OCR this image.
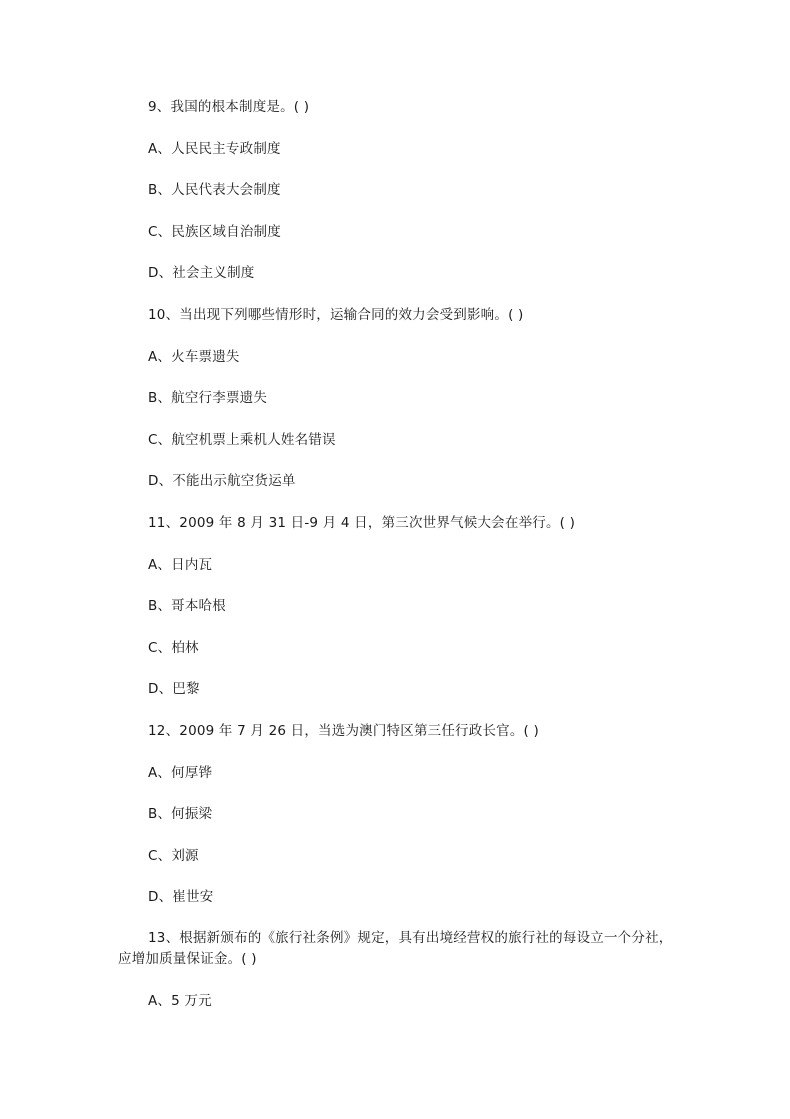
9、我国的根本制度是。( )
A、人民民主专政制度
B、人民代表大会制度
C、民族区域自治制度
D、社会主义制度
10、当出现下列哪些情形时，运输合同的效力会受到影响。( )
A、火车票遗失
B、航空行李票遗失
C、航空机票上乘机人姓名错误
D、不能出示航空货运单
11、2009 年 8 月 31 日-9 月 4 日，第三次世界气候大会在举行。( )
A、日内瓦
B、哥本哈根
C、柏林
D、巴黎
12、2009 年 7 月 26 日，当选为澳门特区第三任行政长官。( )
A、何厚铧
B、何振梁
C、刘源
D、崔世安
13、根据新颁布的《旅行社条例》规定，具有出境经营权的旅行社的每设立一个分社，应增加质量保证金。( )
A、5 万元
